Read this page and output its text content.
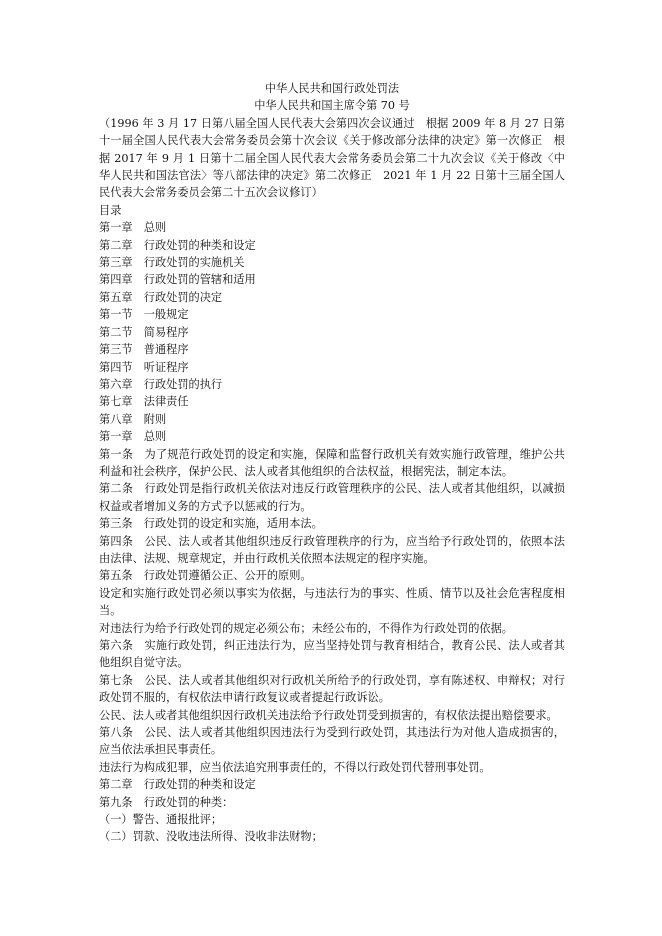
中华人民共和国行政处罚法
中华人民共和国主席令第 70 号
（1996 年 3 月 17 日第八届全国人民代表大会第四次会议通过　根据 2009 年 8 月 27 日第十一届全国人民代表大会常务委员会第十次会议《关于修改部分法律的决定》第一次修正　根据 2017 年 9 月 1 日第十二届全国人民代表大会常务委员会第二十九次会议《关于修改〈中华人民共和国法官法〉等八部法律的决定》第二次修正　2021 年 1 月 22 日第十三届全国人民代表大会常务委员会第二十五次会议修订）
目录
第一章　总则
第二章　行政处罚的种类和设定
第三章　行政处罚的实施机关
第四章　行政处罚的管辖和适用
第五章　行政处罚的决定
第一节　一般规定
第二节　简易程序
第三节　普通程序
第四节　听证程序
第六章　行政处罚的执行
第七章　法律责任
第八章　附则
第一章　总则
第一条　为了规范行政处罚的设定和实施，保障和监督行政机关有效实施行政管理，维护公共利益和社会秩序，保护公民、法人或者其他组织的合法权益，根据宪法，制定本法。
第二条　行政处罚是指行政机关依法对违反行政管理秩序的公民、法人或者其他组织，以减损权益或者增加义务的方式予以惩戒的行为。
第三条　行政处罚的设定和实施，适用本法。
第四条　公民、法人或者其他组织违反行政管理秩序的行为，应当给予行政处罚的，依照本法由法律、法规、规章规定，并由行政机关依照本法规定的程序实施。
第五条　行政处罚遵循公正、公开的原则。
设定和实施行政处罚必须以事实为依据，与违法行为的事实、性质、情节以及社会危害程度相当。
对违法行为给予行政处罚的规定必须公布；未经公布的，不得作为行政处罚的依据。
第六条　实施行政处罚，纠正违法行为，应当坚持处罚与教育相结合，教育公民、法人或者其他组织自觉守法。
第七条　公民、法人或者其他组织对行政机关所给予的行政处罚，享有陈述权、申辩权；对行政处罚不服的，有权依法申请行政复议或者提起行政诉讼。
公民、法人或者其他组织因行政机关违法给予行政处罚受到损害的，有权依法提出赔偿要求。
第八条　公民、法人或者其他组织因违法行为受到行政处罚，其违法行为对他人造成损害的，应当依法承担民事责任。
违法行为构成犯罪，应当依法追究刑事责任的，不得以行政处罚代替刑事处罚。
第二章　行政处罚的种类和设定
第九条　行政处罚的种类：
（一）警告、通报批评；
（二）罚款、没收违法所得、没收非法财物；
